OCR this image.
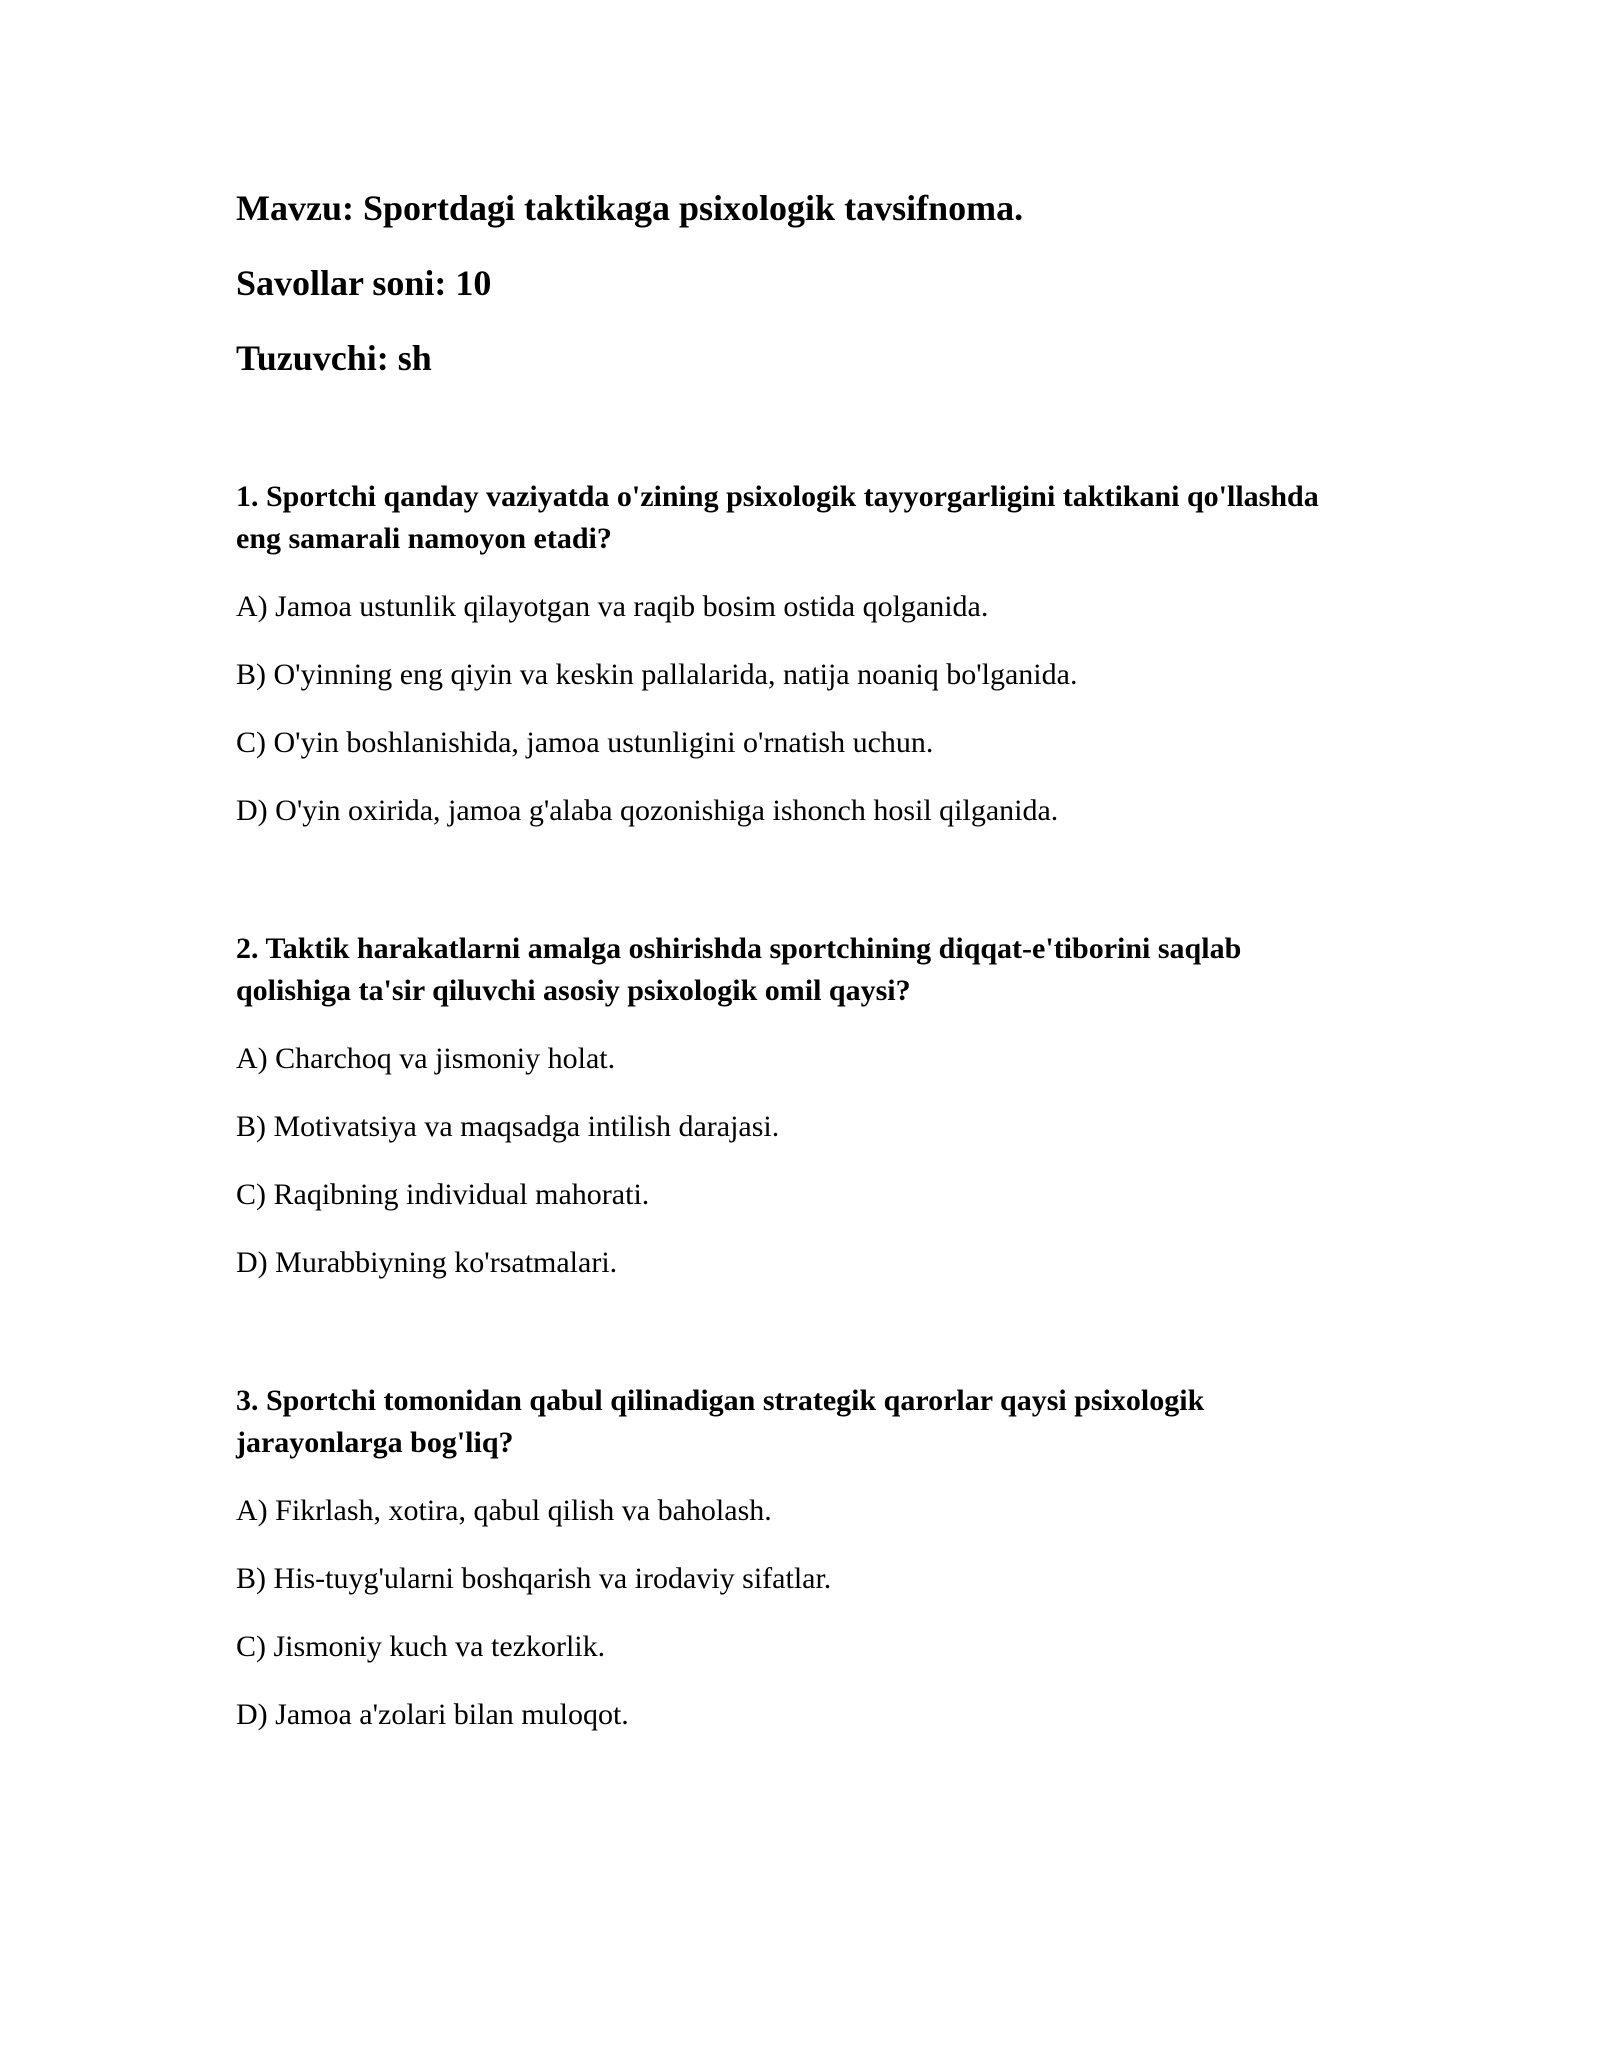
Mavzu: Sportdagi taktikaga psixologik tavsifnoma.

Savollar soni: 10

Tuzuvchi: sh

1. Sportchi qanday vaziyatda o'zining psixologik tayyorgarligini taktikani qo'llashda eng samarali namoyon etadi?

A) Jamoa ustunlik qilayotgan va raqib bosim ostida qolganida.

B) O'yinning eng qiyin va keskin pallalarida, natija noaniq bo'lganida.

C) O'yin boshlanishida, jamoa ustunligini o'rnatish uchun.

D) O'yin oxirida, jamoa g'alaba qozonishiga ishonch hosil qilganida.

2. Taktik harakatlarni amalga oshirishda sportchining diqqat-e'tiborini saqlab qolishiga ta'sir qiluvchi asosiy psixologik omil qaysi?

A) Charchoq va jismoniy holat.

B) Motivatsiya va maqsadga intilish darajasi.

C) Raqibning individual mahorati.

D) Murabbiyning ko'rsatmalari.

3. Sportchi tomonidan qabul qilinadigan strategik qarorlar qaysi psixologik jarayonlarga bog'liq?

A) Fikrlash, xotira, qabul qilish va baholash.

B) His-tuyg'ularni boshqarish va irodaviy sifatlar.

C) Jismoniy kuch va tezkorlik.

D) Jamoa a'zolari bilan muloqot.
